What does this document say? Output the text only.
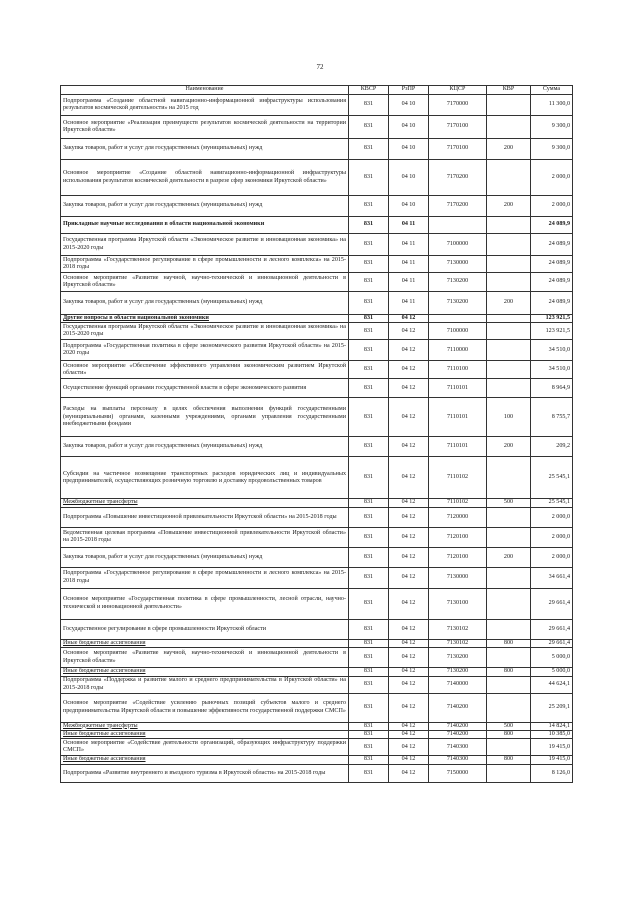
72
Наименование	КВСР	РзПР	КЦСР	КВР	Сумма
Подпрограмма «Создание областной навигационно-информационной инфраструктуры использования результатов космической деятельности» на 2015 год	831	04 10	7170000		11 300,0
Основное мероприятие «Реализация преимуществ результатов космической деятельности на территории Иркутской области»	831	04 10	7170100		9 300,0
Закупка товаров, работ и услуг для государственных (муниципальных) нужд	831	04 10	7170100	200	9 300,0
Основное мероприятие «Создание областной навигационно-информационной инфраструктуры использования результатов космической деятельности в разрезе сфер экономики Иркутской области»	831	04 10	7170200		2 000,0
Закупка товаров, работ и услуг для государственных (муниципальных) нужд	831	04 10	7170200	200	2 000,0
Прикладные научные исследования в области национальной экономики	831	04 11			24 089,9
Государственная программа Иркутской области «Экономическое развитие и инновационная экономика» на 2015-2020 годы	831	04 11	7100000		24 089,9
Подпрограмма «Государственное регулирование в сфере промышленности и лесного комплекса» на 2015-2018 годы	831	04 11	7130000		24 089,9
Основное мероприятие «Развитие научной, научно-технической и инновационной деятельности в Иркутской области»	831	04 11	7130200		24 089,9
Закупка товаров, работ и услуг для государственных (муниципальных) нужд	831	04 11	7130200	200	24 089,9
Другие вопросы в области национальной экономики	831	04 12			123 921,5
Государственная программа Иркутской области «Экономическое развитие и инновационная экономика» на 2015-2020 годы	831	04 12	7100000		123 921,5
Подпрограмма «Государственная политика в сфере экономического развития Иркутской области» на 2015-2020 годы	831	04 12	7110000		34 510,0
Основное мероприятие «Обеспечение эффективного управления экономическим развитием Иркутской области»	831	04 12	7110100		34 510,0
Осуществление функций органами государственной власти в сфере экономического развития	831	04 12	7110101		8 964,9
Расходы на выплаты персоналу в целях обеспечения выполнения функций государственными (муниципальными) органами, казенными учреждениями, органами управления государственными внебюджетными фондами	831	04 12	7110101	100	8 755,7
Закупка товаров, работ и услуг для государственных (муниципальных) нужд	831	04 12	7110101	200	209,2
Субсидии на частичное возмещение транспортных расходов юридических лиц и индивидуальных предпринимателей, осуществляющих розничную торговлю и доставку продовольственных товаров	831	04 12	7110102		25 545,1
Межбюджетные трансферты	831	04 12	7110102	500	25 545,1
Подпрограмма «Повышение инвестиционной привлекательности Иркутской области» на 2015-2018 годы	831	04 12	7120000		2 000,0
Ведомственная целевая программа «Повышение инвестиционной привлекательности Иркутской области» на 2015-2018 годы	831	04 12	7120100		2 000,0
Закупка товаров, работ и услуг для государственных (муниципальных) нужд	831	04 12	7120100	200	2 000,0
Подпрограмма «Государственное регулирование в сфере промышленности и лесного комплекса» на 2015-2018 годы	831	04 12	7130000		34 661,4
Основное мероприятие «Государственная политика в сфере промышленности, лесной отрасли, научно-технической и инновационной деятельности»	831	04 12	7130100		29 661,4
Государственное регулирование в сфере промышленности Иркутской области	831	04 12	7130102		29 661,4
Иные бюджетные ассигнования	831	04 12	7130102	800	29 661,4
Основное мероприятие «Развитие научной, научно-технической и инновационной деятельности в Иркутской области»	831	04 12	7130200		5 000,0
Иные бюджетные ассигнования	831	04 12	7130200	800	5 000,0
Подпрограмма «Поддержка и развитие малого и среднего предпринимательства в Иркутской области» на 2015-2018 годы	831	04 12	7140000		44 624,1
Основное мероприятие «Содействие усилению рыночных позиций субъектов малого и среднего предпринимательства Иркутской области и повышение эффективности государственной поддержки СМСП»	831	04 12	7140200		25 209,1
Межбюджетные трансферты	831	04 12	7140200	500	14 824,1
Иные бюджетные ассигнования	831	04 12	7140200	800	10 385,0
Основное мероприятие «Содействие деятельности организаций, образующих инфраструктуру поддержки СМСП»	831	04 12	7140300		19 415,0
Иные бюджетные ассигнования	831	04 12	7140300	800	19 415,0
Подпрограмма «Развитие внутреннего и въездного туризма в Иркутской области» на 2015-2018 годы	831	04 12	7150000		8 126,0
